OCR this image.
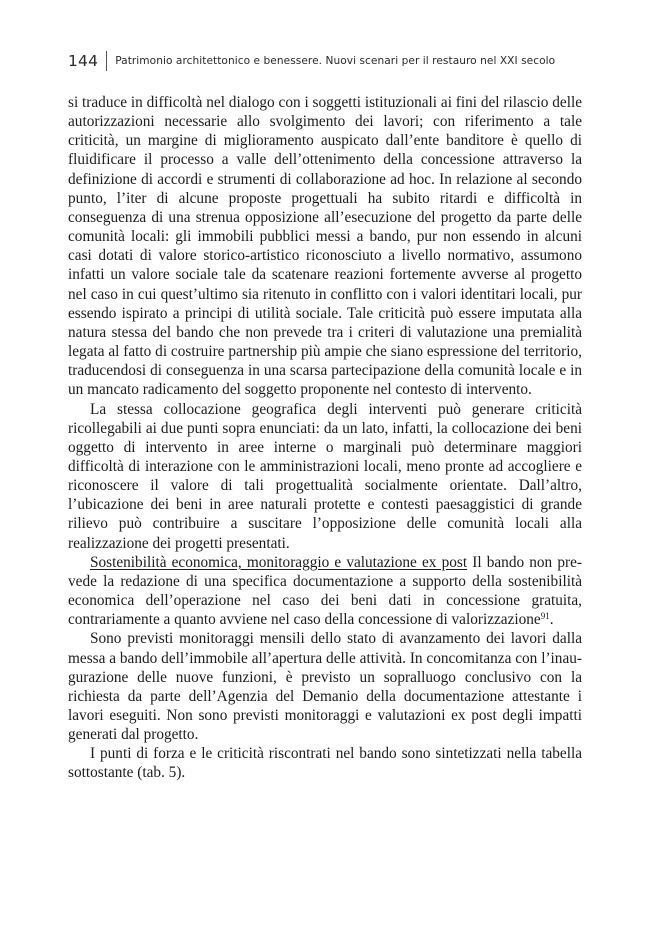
144 Patrimonio architettonico e benessere. Nuovi scenari per il restauro nel XXI secolo

si traduce in difficoltà nel dialogo con i soggetti istituzionali ai fini del rilascio delle autorizzazioni necessarie allo svolgimento dei lavori; con riferimento a tale criticità, un margine di miglioramento auspicato dall’ente banditore è quello di fluidificare il processo a valle dell’ottenimento della concessione attraverso la definizione di accordi e strumenti di collaborazione ad hoc. In relazione al secondo punto, l’iter di alcune proposte progettuali ha subito ritardi e difficoltà in conseguenza di una strenua opposizione all’esecuzione del progetto da parte delle comunità locali: gli immobili pubblici messi a bando, pur non essendo in alcuni casi dotati di valore storico-artistico riconosciuto a livello normativo, assumono infatti un valore sociale tale da scatenare reazioni fortemente avverse al progetto nel caso in cui quest’ultimo sia ritenuto in conflitto con i valori identitari locali, pur essendo ispirato a principi di utilità sociale. Tale criticità può essere imputata alla natura stessa del bando che non prevede tra i criteri di valutazione una premialità legata al fatto di costruire partnership più ampie che siano espressione del territorio, traducendosi di conseguenza in una scarsa partecipazione della comunità locale e in un mancato radicamento del soggetto proponente nel contesto di intervento.

La stessa collocazione geografica degli interventi può generare criticità ricollegabili ai due punti sopra enunciati: da un lato, infatti, la collocazione dei beni oggetto di intervento in aree interne o marginali può determinare maggiori difficoltà di interazione con le amministrazioni locali, meno pronte ad accogliere e riconoscere il valore di tali progettualità socialmente orientate. Dall’altro, l’ubicazione dei beni in aree naturali protette e contesti paesaggistici di grande rilievo può contribuire a suscitare l’opposizione delle comunità locali alla realizzazione dei progetti presentati.

Sostenibilità economica, monitoraggio e valutazione ex post Il bando non prevede la redazione di una specifica documentazione a supporto della sostenibilità economica dell’operazione nel caso dei beni dati in concessione gratuita, contrariamente a quanto avviene nel caso della concessione di valorizzazione$^{91}$.

Sono previsti monitoraggi mensili dello stato di avanzamento dei lavori dalla messa a bando dell’immobile all’apertura delle attività. In concomitanza con l’inaugurazione delle nuove funzioni, è previsto un sopralluogo conclusivo con la richiesta da parte dell’Agenzia del Demanio della documentazione attestante i lavori eseguiti. Non sono previsti monitoraggi e valutazioni ex post degli impatti generati dal progetto.

I punti di forza e le criticità riscontrati nel bando sono sintetizzati nella tabella sottostante (tab. 5).
